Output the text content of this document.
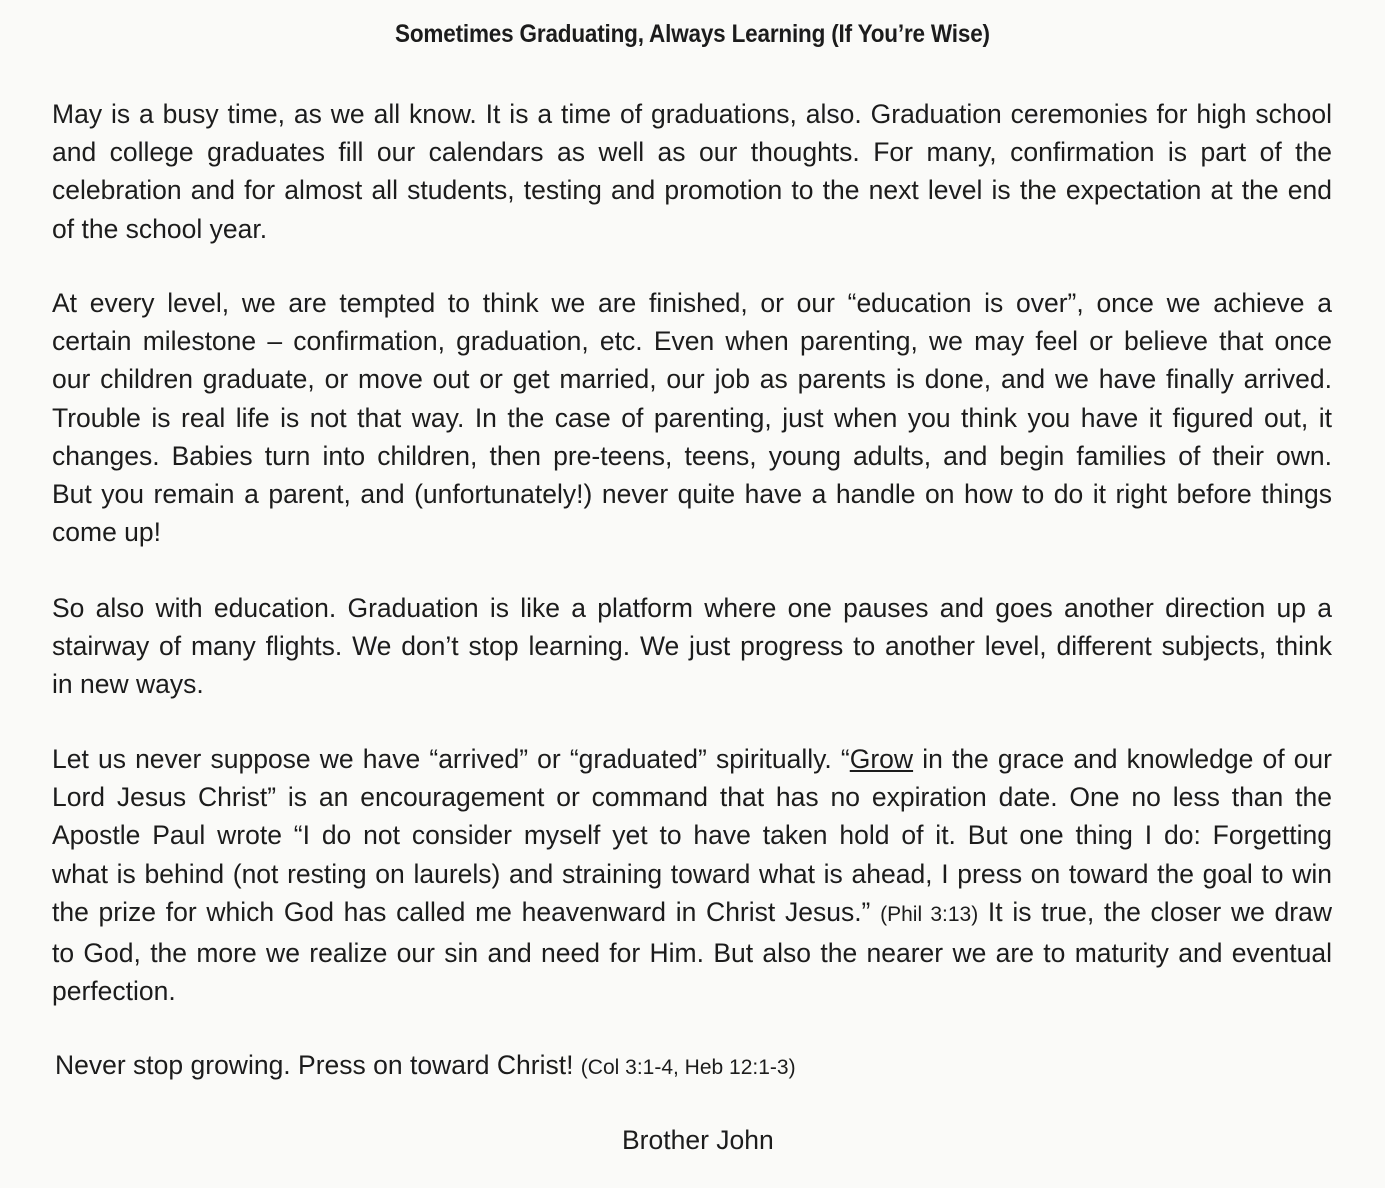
Sometimes Graduating, Always Learning (If You’re Wise)
May is a busy time, as we all know. It is a time of graduations, also. Graduation ceremonies for high school
and college graduates fill our calendars as well as our thoughts. For many, confirmation is part of the
celebration and for almost all students, testing and promotion to the next level is the expectation at the end
of the school year.
At every level, we are tempted to think we are finished, or our “education is over”, once we achieve a
certain milestone – confirmation, graduation, etc. Even when parenting, we may feel or believe that once
our children graduate, or move out or get married, our job as parents is done, and we have finally arrived.
Trouble is real life is not that way. In the case of parenting, just when you think you have it figured out, it
changes. Babies turn into children, then pre-teens, teens, young adults, and begin families of their own.
But you remain a parent, and (unfortunately!) never quite have a handle on how to do it right before things
come up!
So also with education. Graduation is like a platform where one pauses and goes another direction up a
stairway of many flights. We don’t stop learning. We just progress to another level, different subjects, think
in new ways.
Let us never suppose we have “arrived” or “graduated” spiritually. “Grow in the grace and knowledge of our
Lord Jesus Christ” is an encouragement or command that has no expiration date. One no less than the
Apostle Paul wrote “I do not consider myself yet to have taken hold of it. But one thing I do: Forgetting
what is behind (not resting on laurels) and straining toward what is ahead, I press on toward the goal to win
the prize for which God has called me heavenward in Christ Jesus.” (Phil 3:13) It is true, the closer we draw
to God, the more we realize our sin and need for Him. But also the nearer we are to maturity and eventual
perfection.
Never stop growing. Press on toward Christ! (Col 3:1-4, Heb 12:1-3)
Brother John
